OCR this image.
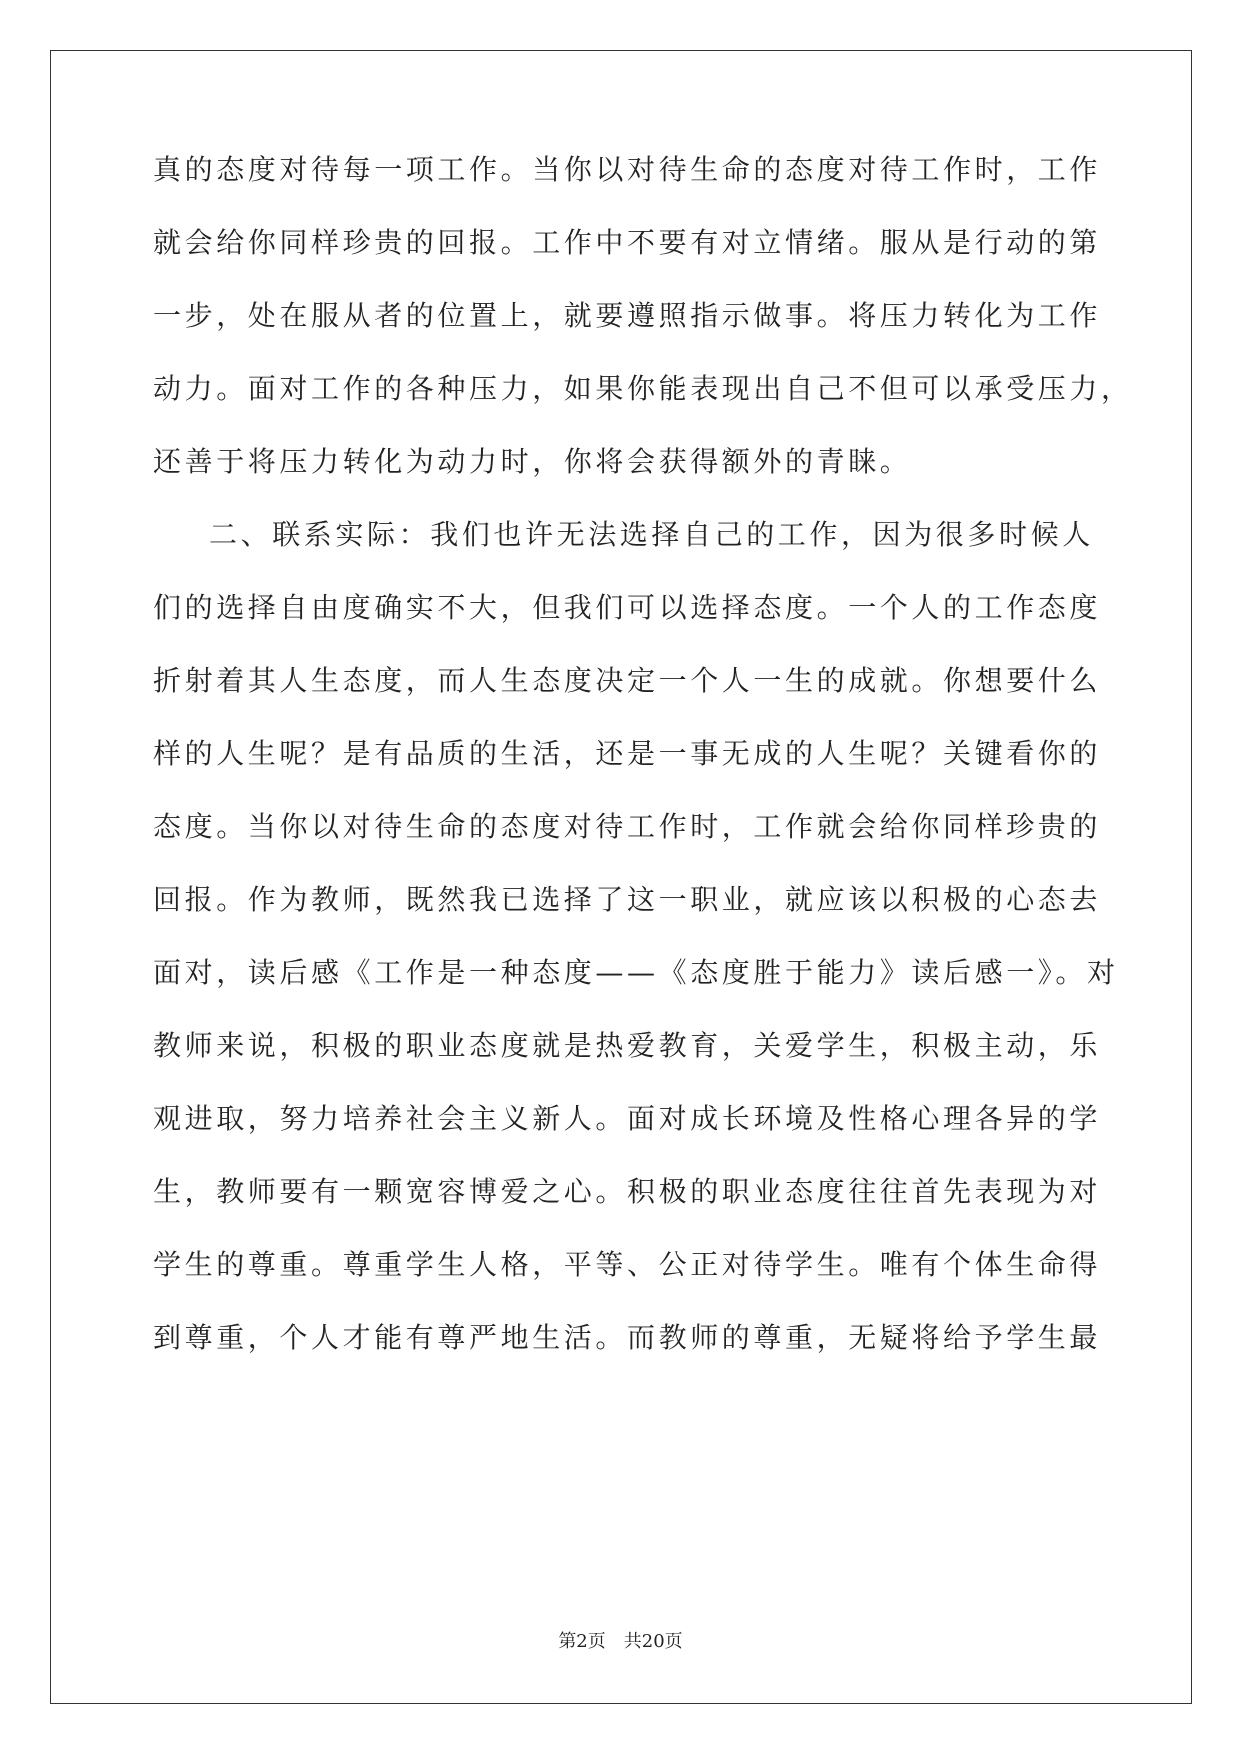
真的态度对待每一项工作。当你以对待生命的态度对待工作时，工作
就会给你同样珍贵的回报。工作中不要有对立情绪。服从是行动的第
一步，处在服从者的位置上，就要遵照指示做事。将压力转化为工作
动力。面对工作的各种压力，如果你能表现出自己不但可以承受压力，
还善于将压力转化为动力时，你将会获得额外的青睐。
二、联系实际：我们也许无法选择自己的工作，因为很多时候人
们的选择自由度确实不大，但我们可以选择态度。一个人的工作态度
折射着其人生态度，而人生态度决定一个人一生的成就。你想要什么
样的人生呢？是有品质的生活，还是一事无成的人生呢？关键看你的
态度。当你以对待生命的态度对待工作时，工作就会给你同样珍贵的
回报。作为教师，既然我已选择了这一职业，就应该以积极的心态去
面对，读后感《工作是一种态度——《态度胜于能力》读后感一》。对
教师来说，积极的职业态度就是热爱教育，关爱学生，积极主动，乐
观进取，努力培养社会主义新人。面对成长环境及性格心理各异的学
生，教师要有一颗宽容博爱之心。积极的职业态度往往首先表现为对
学生的尊重。尊重学生人格，平等、公正对待学生。唯有个体生命得
到尊重，个人才能有尊严地生活。而教师的尊重，无疑将给予学生最
第2页 共20页
